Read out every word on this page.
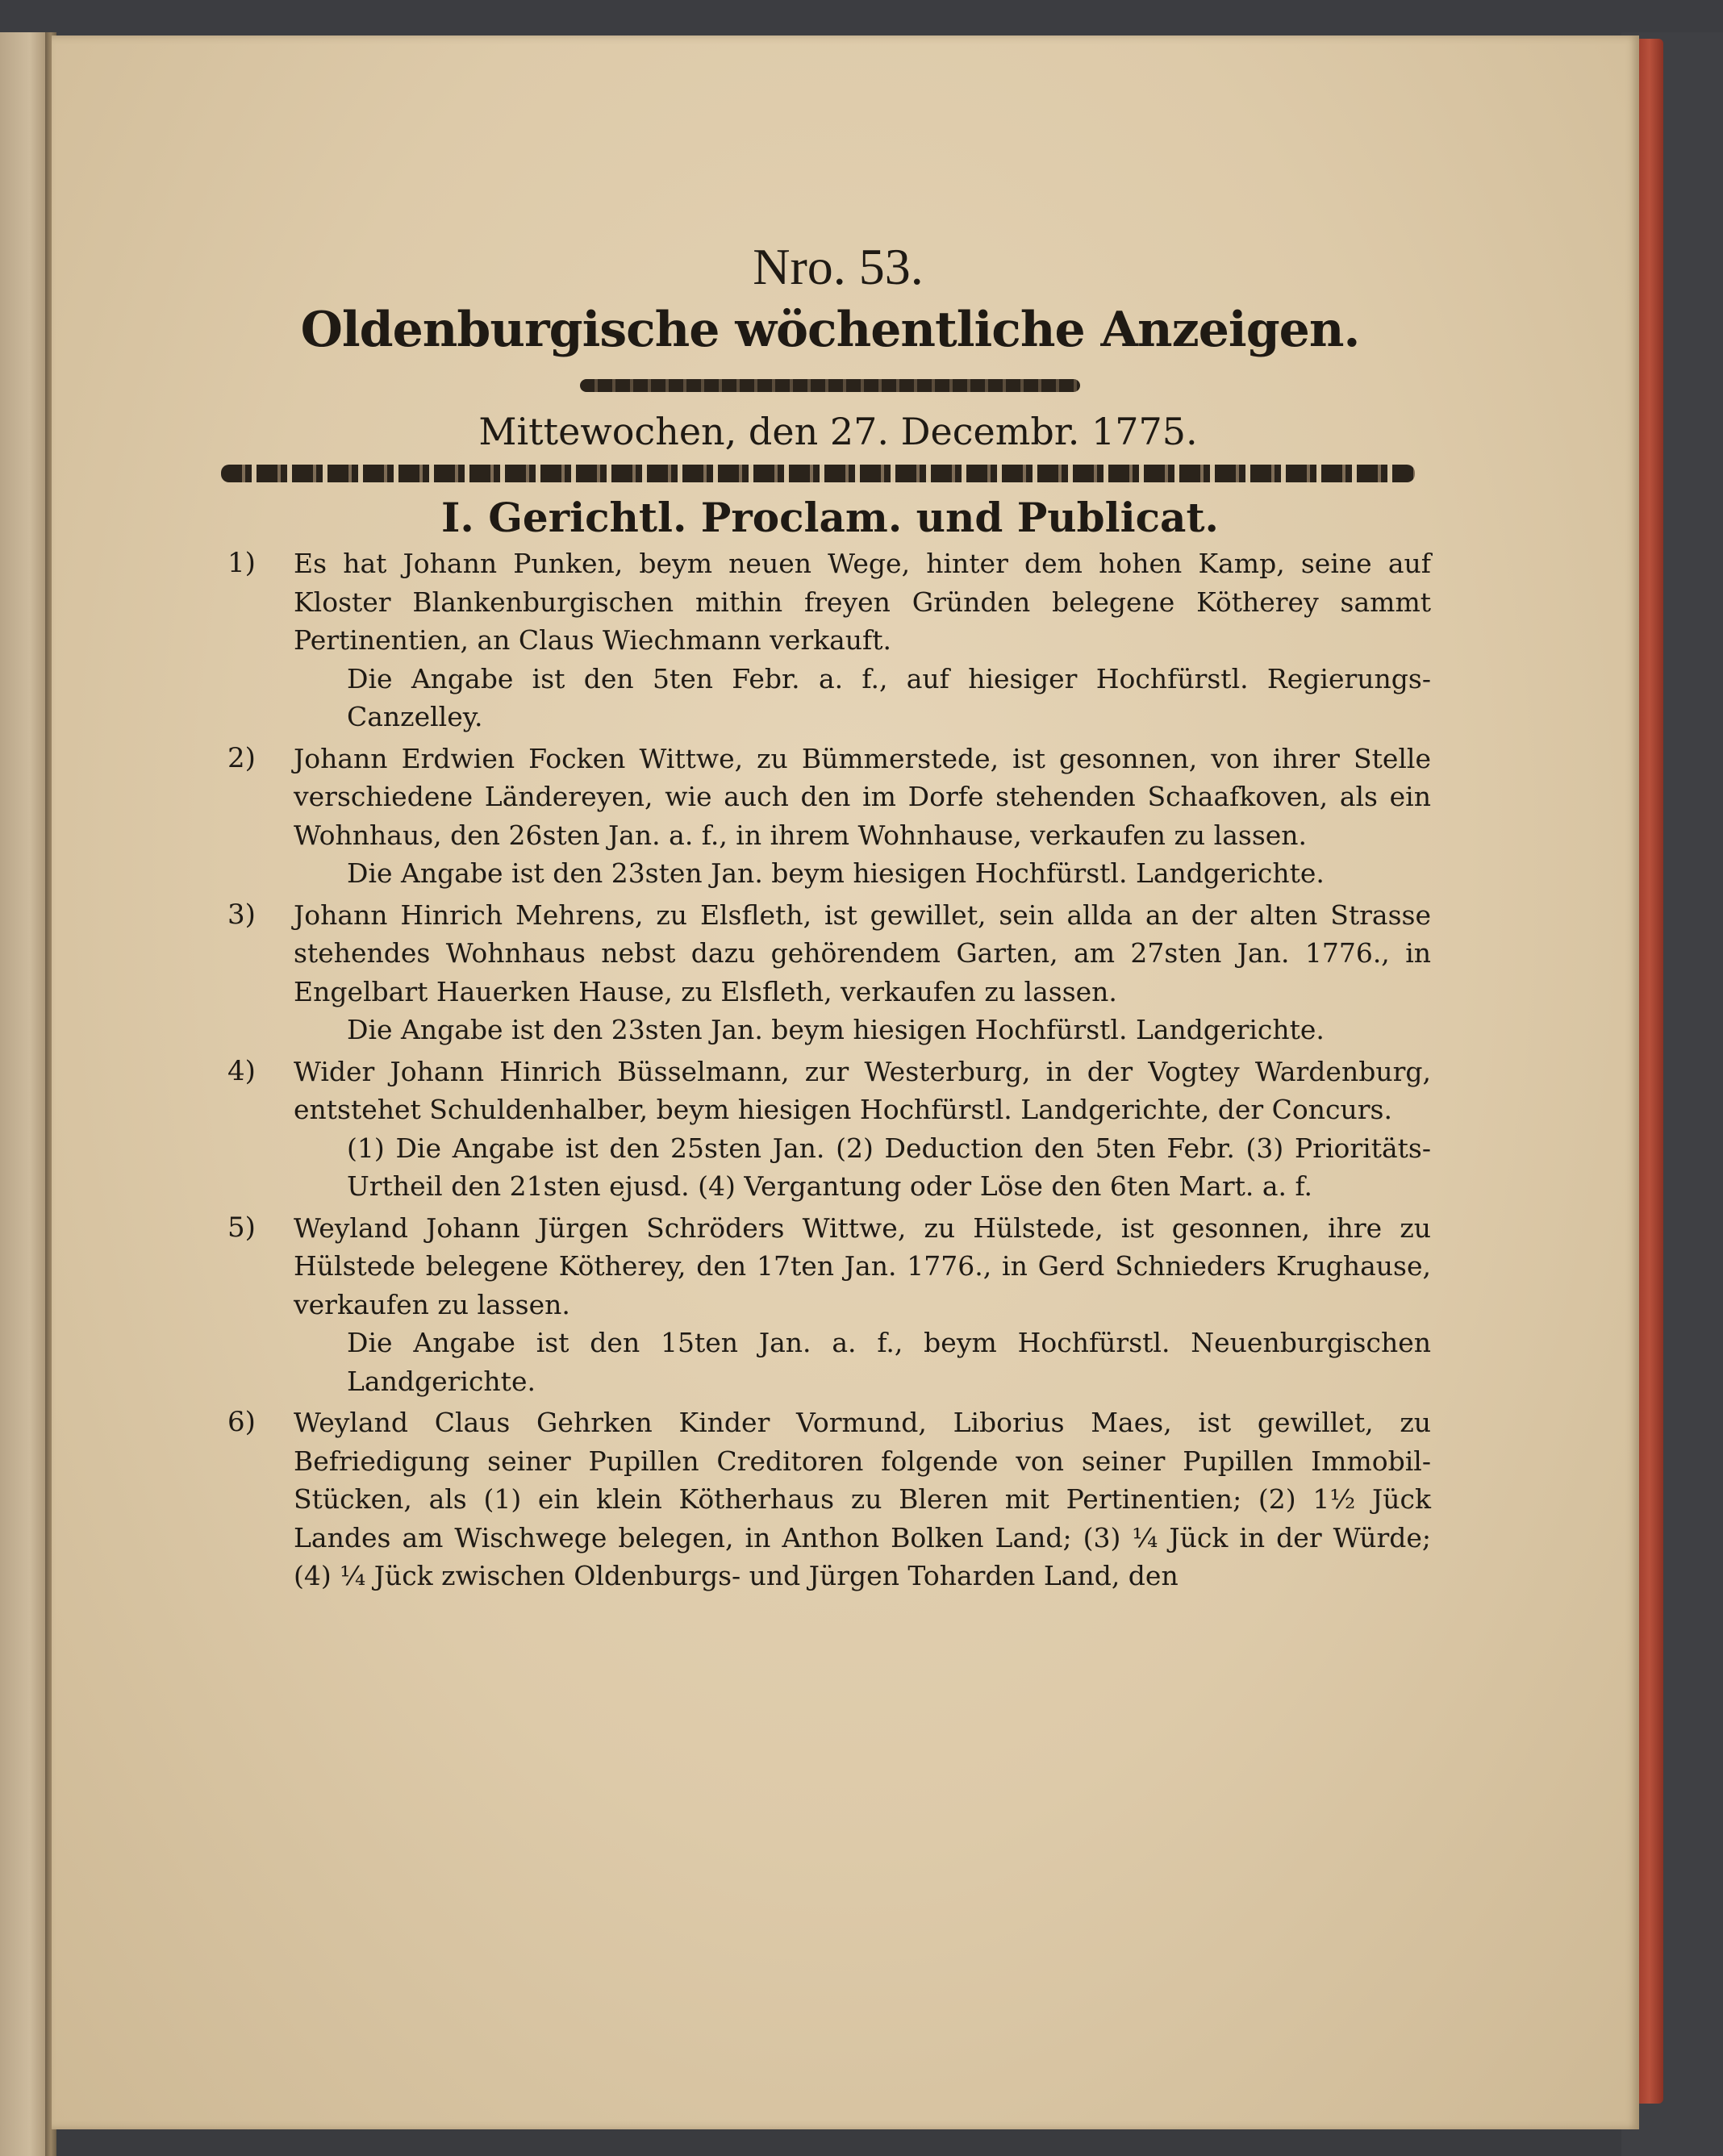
Nro. 53.
Oldenburgische wöchentliche Anzeigen.
Mittewochen, den 27. Decembr. 1775.
I. Gerichtl. Proclam. und Publicat.
1) Es hat Johann Punken, beym neuen Wege, hinter dem hohen Kamp, seine auf Kloster Blankenburgischen mithin freyen Gründen belegene Kötherey sammt Pertinentien, an Claus Wiechmann verkauft.
Die Angabe ist den 5ten Febr. a. f., auf hiesiger Hochfürstl. Regierungs-Canzelley.
2) Johann Erdwien Focken Wittwe, zu Bümmerstede, ist gesonnen, von ihrer Stelle verschiedene Ländereyen, wie auch den im Dorfe stehenden Schaafkoven, als ein Wohnhaus, den 26sten Jan. a. f., in ihrem Wohnhause, verkaufen zu lassen.
Die Angabe ist den 23sten Jan. beym hiesigen Hochfürstl. Landgerichte.
3) Johann Hinrich Mehrens, zu Elsfleth, ist gewillet, sein allda an der alten Strasse stehendes Wohnhaus nebst dazu gehörendem Garten, am 27sten Jan. 1776., in Engelbart Hauerken Hause, zu Elsfleth, verkaufen zu lassen.
Die Angabe ist den 23sten Jan. beym hiesigen Hochfürstl. Landgerichte.
4) Wider Johann Hinrich Büsselmann, zur Westerburg, in der Vogtey Wardenburg, entstehet Schuldenhalber, beym hiesigen Hochfürstl. Landgerichte, der Concurs.
(1) Die Angabe ist den 25sten Jan. (2) Deduction den 5ten Febr. (3) Prioritäts-Urtheil den 21sten ejusd. (4) Vergantung oder Löse den 6ten Mart. a. f.
5) Weyland Johann Jürgen Schröders Wittwe, zu Hülstede, ist gesonnen, ihre zu Hülstede belegene Kötherey, den 17ten Jan. 1776., in Gerd Schnieders Krughause, verkaufen zu lassen.
Die Angabe ist den 15ten Jan. a. f., beym Hochfürstl. Neuenburgischen Landgerichte.
6) Weyland Claus Gehrken Kinder Vormund, Liborius Maes, ist gewillet, zu Befriedigung seiner Pupillen Creditoren folgende von seiner Pupillen Immobil-Stücken, als (1) ein klein Kötherhaus zu Bleren mit Pertinentien; (2) 1½ Jück Landes am Wischwege belegen, in Anthon Bolken Land; (3) ¼ Jück in der Würde; (4) ¼ Jück zwischen Oldenburgs- und Jürgen Toharden Land, den
